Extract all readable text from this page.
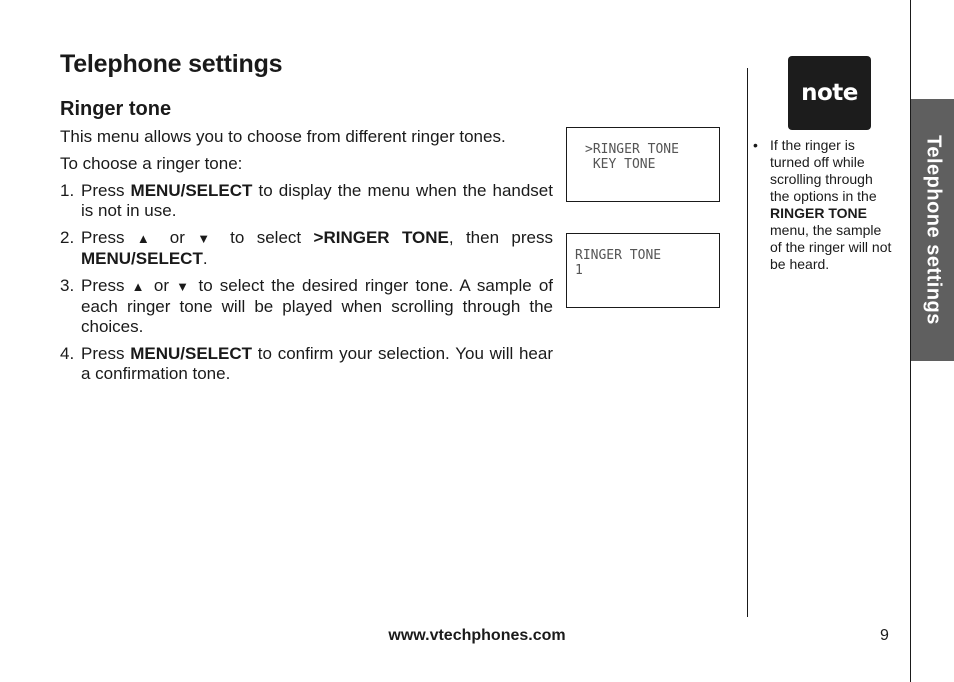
Telephone settings
Ringer tone

This menu allows you to choose from different ringer tones.

To choose a ringer tone:

1. Press MENU/SELECT to display the menu when the handset is not in use.
2. Press ▲ or ▼ to select >RINGER TONE, then press MENU/SELECT.
3. Press ▲ or ▼ to select the desired ringer tone. A sample of each ringer tone will be played when scrolling through the choices.
4. Press MENU/SELECT to confirm your selection. You will hear a confirmation tone.
>RINGER TONE
KEY TONE
RINGER TONE
1
note
• If the ringer is turned off while scrolling through the options in the RINGER TONE menu, the sample of the ringer will not be heard.	Telephone settings
www.vtechphones.com	9
